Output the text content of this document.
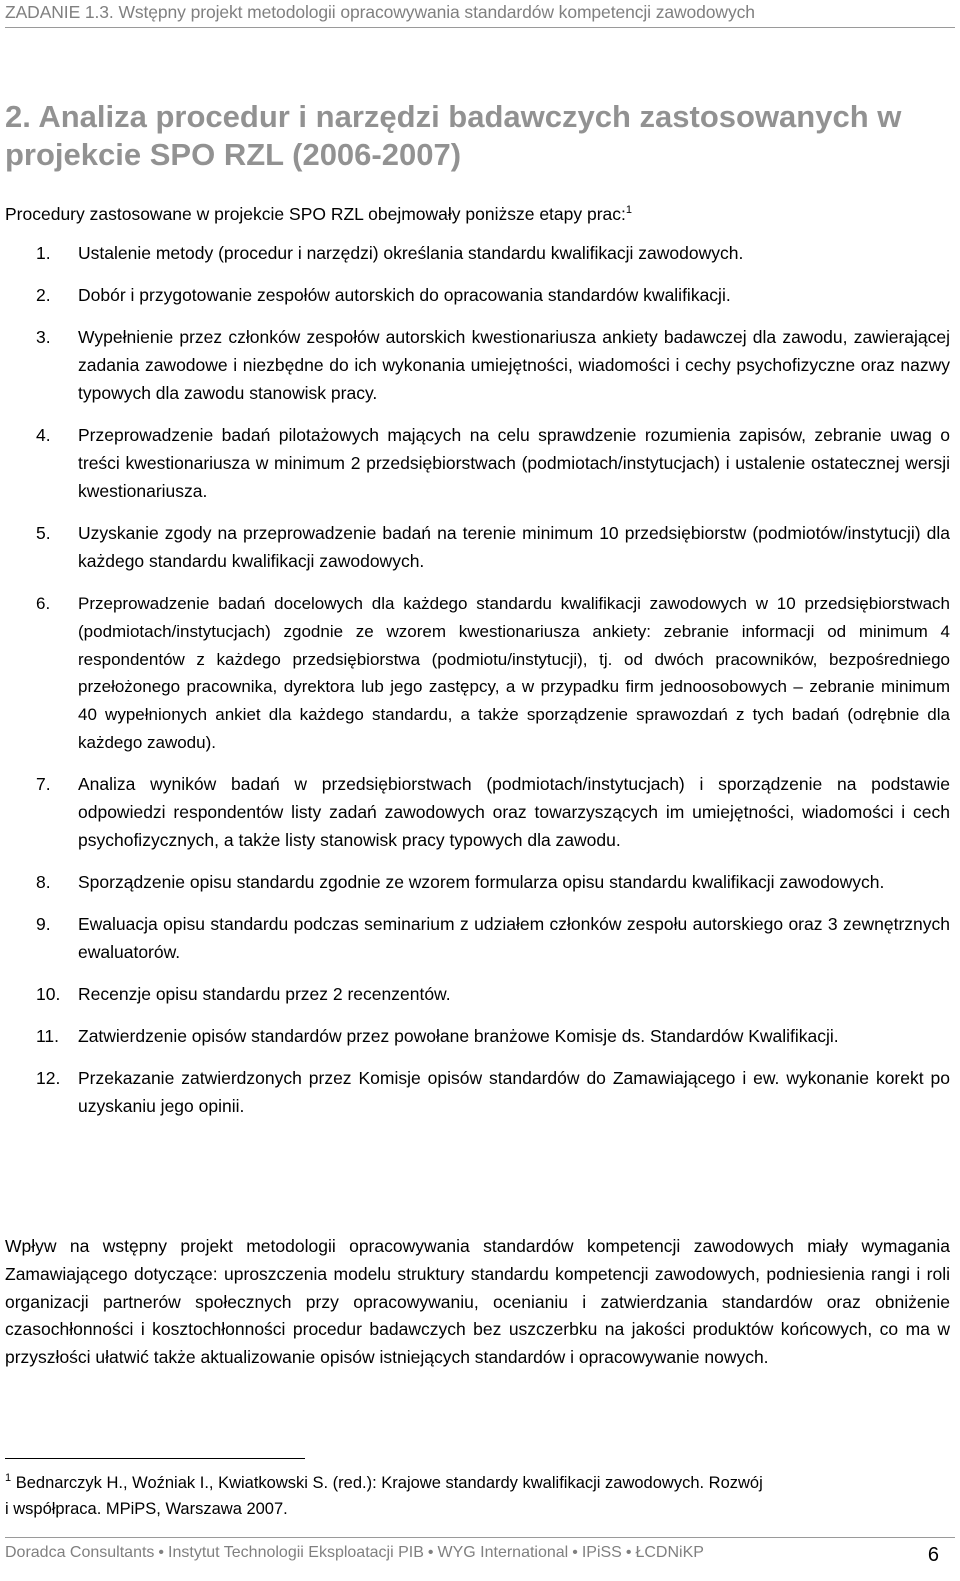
ZADANIE 1.3. Wstępny projekt metodologii opracowywania standardów kompetencji zawodowych
2. Analiza procedur i narzędzi badawczych zastosowanych w projekcie SPO RZL (2006-2007)
Procedury zastosowane w projekcie SPO RZL obejmowały poniższe etapy prac:$^1$
1. Ustalenie metody (procedur i narzędzi) określania standardu kwalifikacji zawodowych.
2. Dobór i przygotowanie zespołów autorskich do opracowania standardów kwalifikacji.
3. Wypełnienie przez członków zespołów autorskich kwestionariusza ankiety badawczej dla zawodu, zawierającej zadania zawodowe i niezbędne do ich wykonania umiejętności, wiadomości i cechy psychofizyczne oraz nazwy typowych dla zawodu stanowisk pracy.
4. Przeprowadzenie badań pilotażowych mających na celu sprawdzenie rozumienia zapisów, zebranie uwag o treści kwestionariusza w minimum 2 przedsiębiorstwach (podmiotach/instytucjach) i ustalenie ostatecznej wersji kwestionariusza.
5. Uzyskanie zgody na przeprowadzenie badań na terenie minimum 10 przedsiębiorstw (podmiotów/instytucji) dla każdego standardu kwalifikacji zawodowych.
6. Przeprowadzenie badań docelowych dla każdego standardu kwalifikacji zawodowych w 10 przedsiębiorstwach (podmiotach/instytucjach) zgodnie ze wzorem kwestionariusza ankiety: zebranie informacji od minimum 4 respondentów z każdego przedsiębiorstwa (podmiotu/instytucji), tj. od dwóch pracowników, bezpośredniego przełożonego pracownika, dyrektora lub jego zastępcy, a w przypadku firm jednoosobowych – zebranie minimum 40 wypełnionych ankiet dla każdego standardu, a także sporządzenie sprawozdań z tych badań (odrębnie dla każdego zawodu).
7. Analiza wyników badań w przedsiębiorstwach (podmiotach/instytucjach) i sporządzenie na podstawie odpowiedzi respondentów listy zadań zawodowych oraz towarzyszących im umiejętności, wiadomości i cech psychofizycznych, a także listy stanowisk pracy typowych dla zawodu.
8. Sporządzenie opisu standardu zgodnie ze wzorem formularza opisu standardu kwalifikacji zawodowych.
9. Ewaluacja opisu standardu podczas seminarium z udziałem członków zespołu autorskiego oraz 3 zewnętrznych ewaluatorów.
10. Recenzje opisu standardu przez 2 recenzentów.
11. Zatwierdzenie opisów standardów przez powołane branżowe Komisje ds. Standardów Kwalifikacji.
12. Przekazanie zatwierdzonych przez Komisje opisów standardów do Zamawiającego i ew. wykonanie korekt po uzyskaniu jego opinii.

Wpływ na wstępny projekt metodologii opracowywania standardów kompetencji zawodowych miały wymagania Zamawiającego dotyczące: uproszczenia modelu struktury standardu kompetencji zawodowych, podniesienia rangi i roli organizacji partnerów społecznych przy opracowywaniu, ocenianiu i zatwierdzania standardów oraz obniżenie czasochłonności i kosztochłonności procedur badawczych bez uszczerbku na jakości produktów końcowych, co ma w przyszłości ułatwić także aktualizowanie opisów istniejących standardów i opracowywanie nowych.

$^1$ Bednarczyk H., Woźniak I., Kwiatkowski S. (red.): Krajowe standardy kwalifikacji zawodowych. Rozwój
i współpraca. MPiPS, Warszawa 2007.
Doradca Consultants • Instytut Technologii Eksploatacji PIB • WYG International • IPiSS • ŁCDNiKP	6
